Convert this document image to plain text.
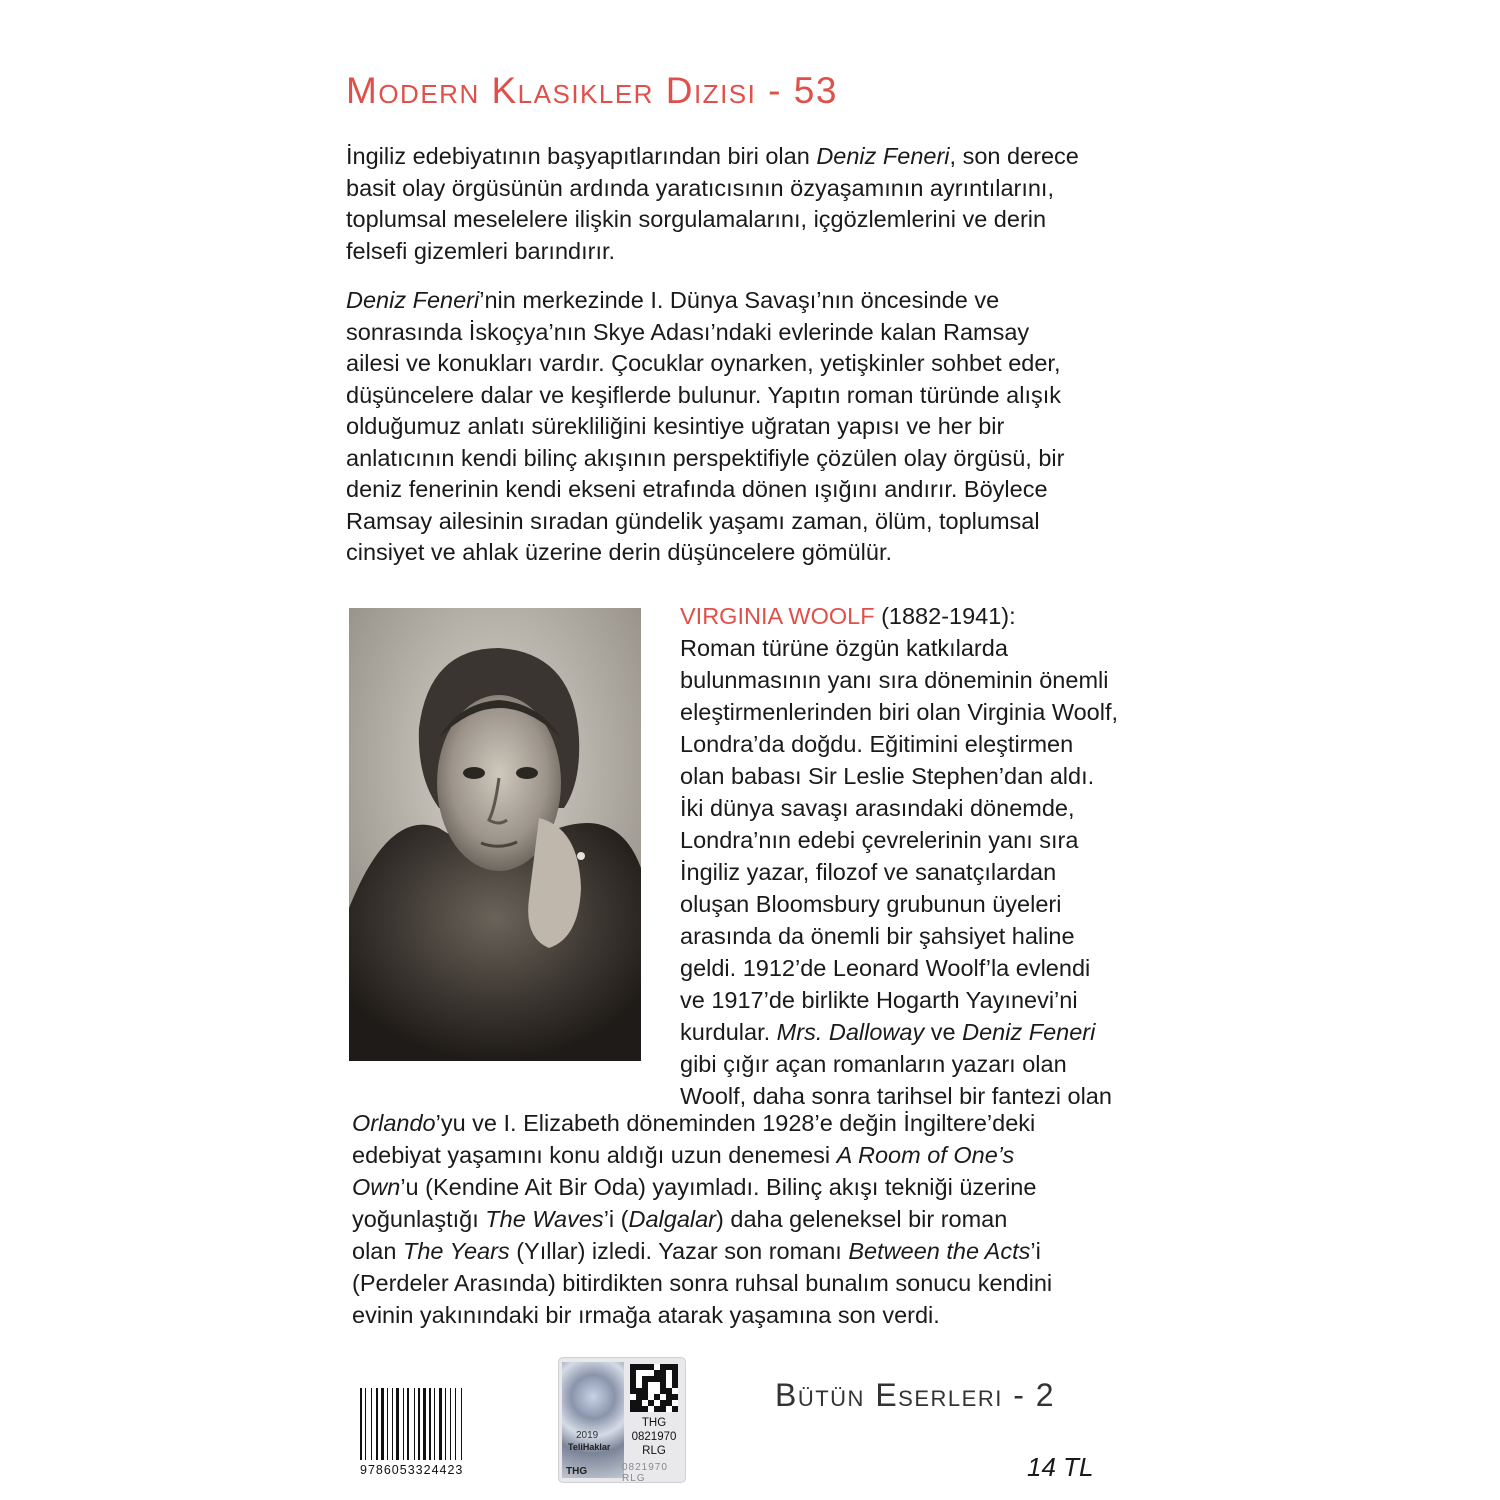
Modern Klasikler Dizisi - 53

İngiliz edebiyatının başyapıtlarından biri olan Deniz Feneri, son derece
basit olay örgüsünün ardında yaratıcısının özyaşamının ayrıntılarını,
toplumsal meselelere ilişkin sorgulamalarını, içgözlemlerini ve derin
felsefi gizemleri barındırır.

Deniz Feneri’nin merkezinde I. Dünya Savaşı’nın öncesinde ve
sonrasında İskoçya’nın Skye Adası’ndaki evlerinde kalan Ramsay
ailesi ve konukları vardır. Çocuklar oynarken, yetişkinler sohbet eder,
düşüncelere dalar ve keşiflerde bulunur. Yapıtın roman türünde alışık
olduğumuz anlatı sürekliliğini kesintiye uğratan yapısı ve her bir
anlatıcının kendi bilinç akışının perspektifiyle çözülen olay örgüsü, bir
deniz fenerinin kendi ekseni etrafında dönen ışığını andırır. Böylece
Ramsay ailesinin sıradan gündelik yaşamı zaman, ölüm, toplumsal
cinsiyet ve ahlak üzerine derin düşüncelere gömülür.

VIRGINIA WOOLF (1882-1941):
Roman türüne özgün katkılarda
bulunmasının yanı sıra döneminin önemli
eleştirmenlerinden biri olan Virginia Woolf,
Londra’da doğdu. Eğitimini eleştirmen
olan babası Sir Leslie Stephen’dan aldı.
İki dünya savaşı arasındaki dönemde,
Londra’nın edebi çevrelerinin yanı sıra
İngiliz yazar, filozof ve sanatçılardan
oluşan Bloomsbury grubunun üyeleri
arasında da önemli bir şahsiyet haline
geldi. 1912’de Leonard Woolf’la evlendi
ve 1917’de birlikte Hogarth Yayınevi’ni
kurdular. Mrs. Dalloway ve Deniz Feneri
gibi çığır açan romanların yazarı olan
Woolf, daha sonra tarihsel bir fantezi olan

Orlando’yu ve I. Elizabeth döneminden 1928’e değin İngiltere’deki
edebiyat yaşamını konu aldığı uzun denemesi A Room of One’s
Own’u (Kendine Ait Bir Oda) yayımladı. Bilinç akışı tekniği üzerine
yoğunlaştığı The Waves’i (Dalgalar) daha geleneksel bir roman
olan The Years (Yıllar) izledi. Yazar son romanı Between the Acts’i
(Perdeler Arasında) bitirdikten sonra ruhsal bunalım sonucu kendini
evinin yakınındaki bir ırmağa atarak yaşamına son verdi.

9786053324423
2019
TeliHaklar
THG
THG
0821970
RLG
0821970 RLG
Bütün Eserleri - 2
14 TL
